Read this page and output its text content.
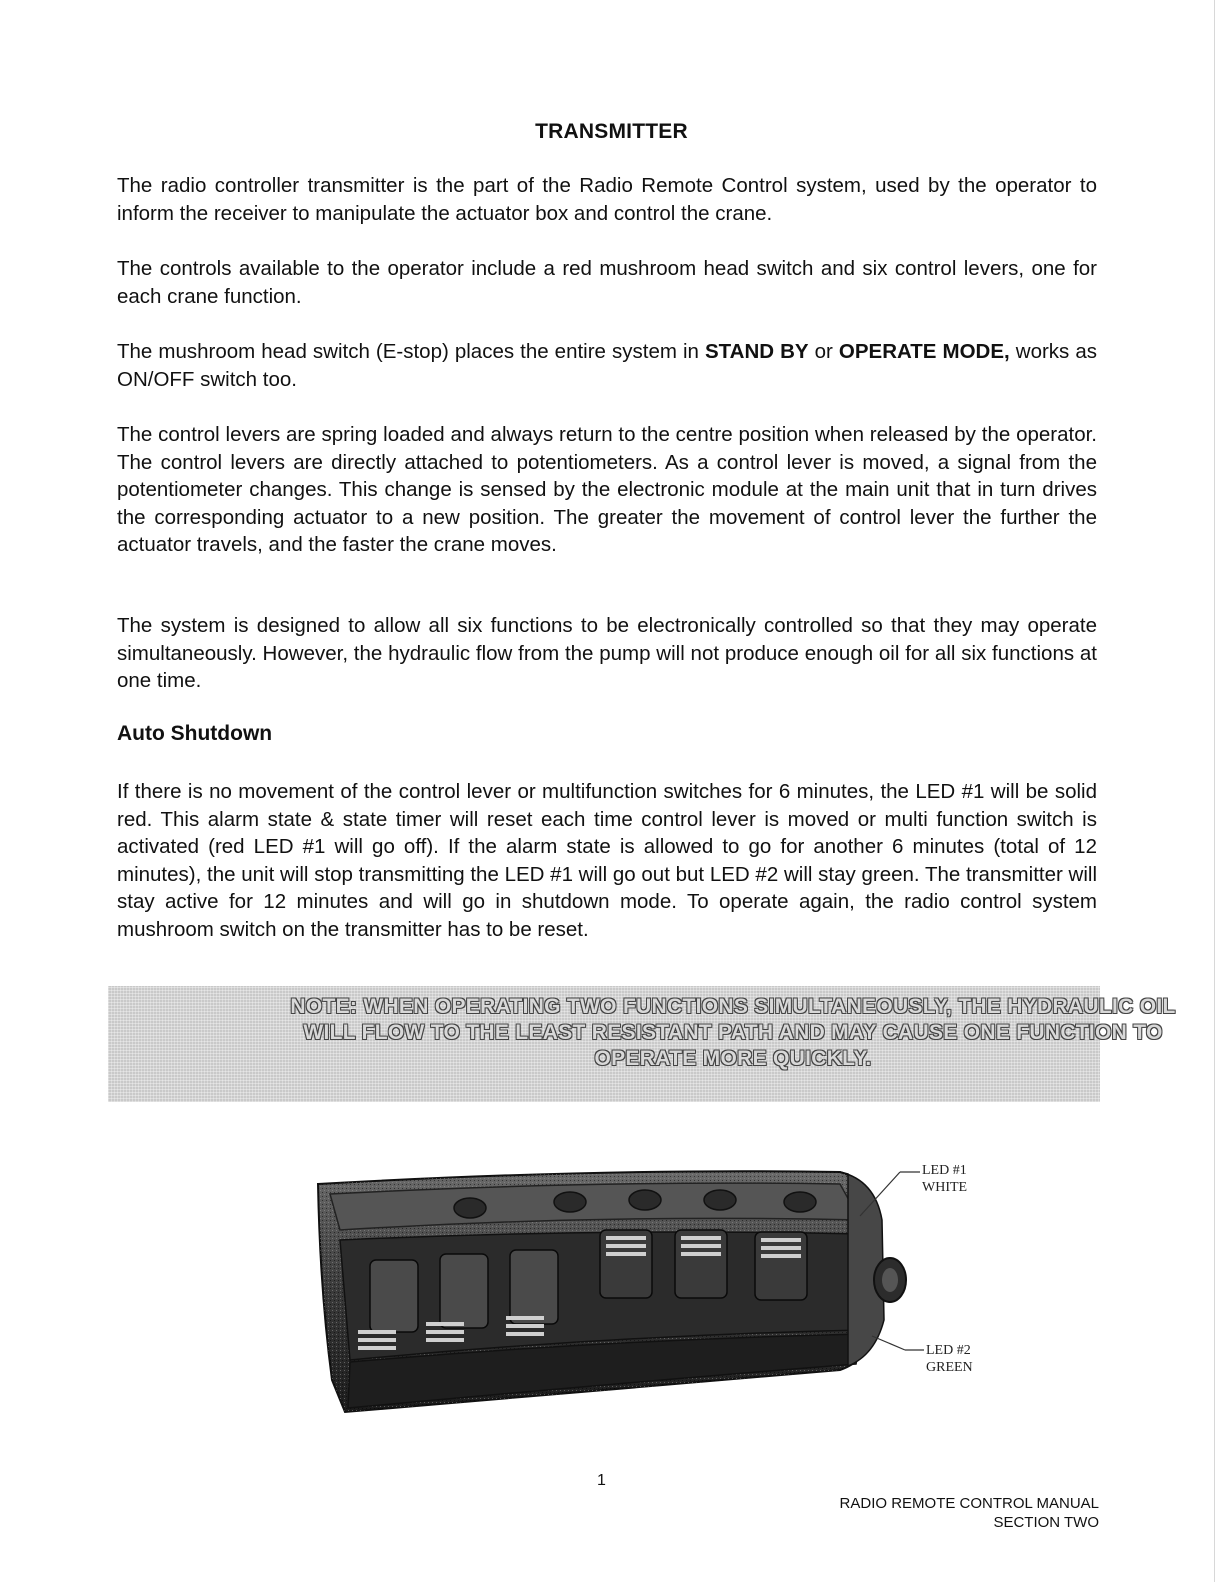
TRANSMITTER

The radio controller transmitter is the part of the Radio Remote Control system, used by the operator to inform the receiver to manipulate the actuator box and control the crane.

The controls available to the operator include a red mushroom head switch and six control levers, one for each crane function.

The mushroom head switch (E-stop) places the entire system in STAND BY or OPERATE MODE, works as ON/OFF switch too.

The control levers are spring loaded and always return to the centre position when released by the operator. The control levers are directly attached to potentiometers. As a control lever is moved, a signal from the potentiometer changes. This change is sensed by the electronic module at the main unit that in turn drives the corresponding actuator to a new position. The greater the movement of control lever the further the actuator travels, and the faster the crane moves.

The system is designed to allow all six functions to be electronically controlled so that they may operate simultaneously. However, the hydraulic flow from the pump will not produce enough oil for all six functions at one time.

Auto Shutdown

If there is no movement of the control lever or multifunction switches for 6 minutes, the LED #1 will be solid red. This alarm state & state timer will reset each time control lever is moved or multi function switch is activated (red LED #1 will go off). If the alarm state is allowed to go for another 6 minutes (total of 12 minutes), the unit will stop transmitting the LED #1 will go out but LED #2 will stay green. The transmitter will stay active for 12 minutes and will go in shutdown mode. To operate again, the radio control system mushroom switch on the transmitter has to be reset.

NOTE: WHEN OPERATING TWO FUNCTIONS SIMULTANEOUSLY, THE HYDRAULIC OIL WILL FLOW TO THE LEAST RESISTANT PATH AND MAY CAUSE ONE FUNCTION TO OPERATE MORE QUICKLY.
LED #1
WHITE
LED #2
GREEN
1
RADIO REMOTE CONTROL MANUAL
SECTION TWO
